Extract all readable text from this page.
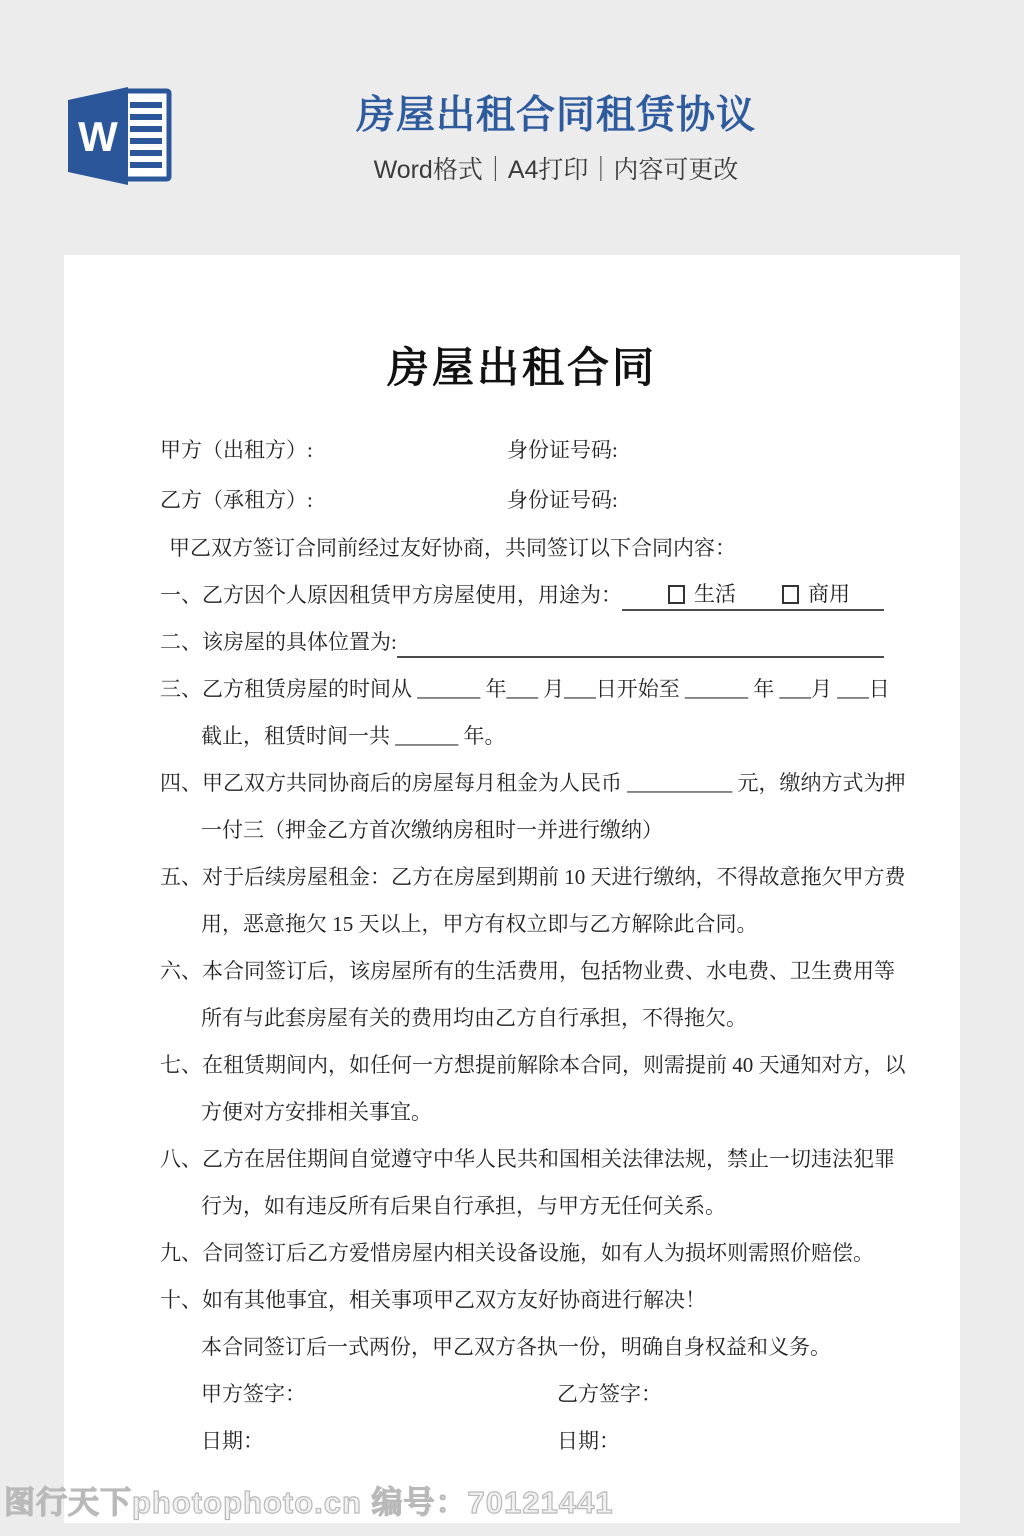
W	房屋出租合同租赁协议
Word格式｜A4打印｜内容可更改
房屋出租合同
甲方（出租方）:	身份证号码:
乙方（承租方）:	身份证号码:

甲乙双方签订合同前经过友好协商，共同签订以下合同内容：

一、 乙方因个人原因租赁甲方房屋使用，用途为：	生活	商用
二、 该房屋的具体位置为:
三、 乙方租赁房屋的时间从 ______ 年___ 月___日开始至 ______ 年 ___月 ___日
截止，租赁时间一共 ______ 年。
四、 甲乙双方共同协商后的房屋每月租金为人民币 __________ 元，缴纳方式为押
一付三（押金乙方首次缴纳房租时一并进行缴纳）
五、 对于后续房屋租金：乙方在房屋到期前 10 天进行缴纳，不得故意拖欠甲方费
用，恶意拖欠 15 天以上，甲方有权立即与乙方解除此合同。
六、 本合同签订后，该房屋所有的生活费用，包括物业费、水电费、卫生费用等
所有与此套房屋有关的费用均由乙方自行承担，不得拖欠。
七、 在租赁期间内，如任何一方想提前解除本合同，则需提前 40 天通知对方，以
方便对方安排相关事宜。
八、 乙方在居住期间自觉遵守中华人民共和国相关法律法规，禁止一切违法犯罪
行为，如有违反所有后果自行承担，与甲方无任何关系。
九、 合同签订后乙方爱惜房屋内相关设备设施，如有人为损坏则需照价赔偿。
十、 如有其他事宜，相关事项甲乙双方友好协商进行解决！

本合同签订后一式两份，甲乙双方各执一份，明确自身权益和义务。

甲方签字：	乙方签字：
日期：	日期：
图行天下photophoto.cn 编号：70121441
